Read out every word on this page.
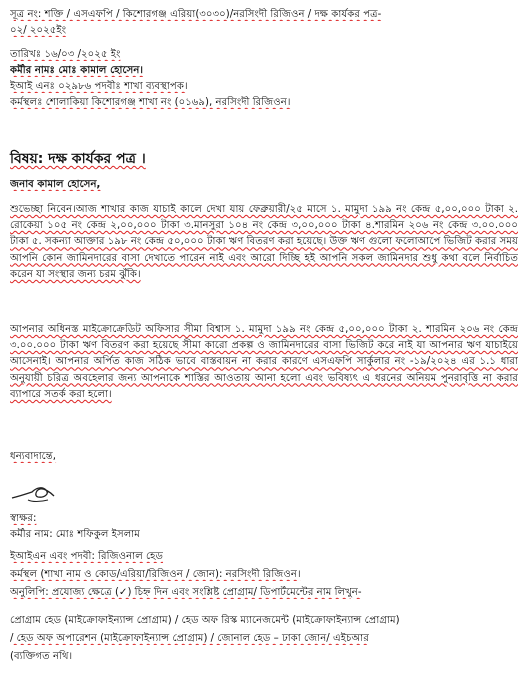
সূত্র নং: শক্তি / এসএফপি / কিশোরগঞ্জ এরিয়া(৩০৩০)/নরসিংদী রিজিওন / দক্ষ কার্যকর পত্র-
০২/ ২০২৫ইং
তারিখঃ ১৬/০৩ /২০২৫ ইং
কর্মীর নামঃ মোঃ কামাল হোসেন।
ইআই এনঃ ০২৯৮৬ পদবীঃ শাখা ব্যবস্থাপক।
কর্মস্থলঃ শোলাকিয়া কিশোরগঞ্জ শাখা নং (০১৬৯), নরসিংদী রিজিওন।
বিষয়: দক্ষ কার্যকর পত্র ।
জনাব কামাল হোসেন,
শুভেচ্ছা নিবেন।আজ শাখার কাজ যাচাই কালে দেখা যায় ফেব্রুয়ারী/২৫ মাসে ১. মামুদা ১৯৯ নং কেন্দ্র ৫,০০,০০০ টাকা ২. রোকেয়া ১০৫ নং কেন্দ্র ২,০০,০০০ টাকা ৩.মানসুরা ১০৪ নং কেন্দ্র ৩,০০,০০০ টাকা ৪.শারমিন ২০৬ নং কেন্দ্র ৩.০০.০০০ টাকা ৫. সকন্যা আক্তার ১৯৮ নং কেন্দ্র ৫০,০০০ টাকা ঋণ বিতরণ করা হয়েছে। উক্ত ঋণ গুলো ফলোআপে ভিজিট করার সময় আপনি কোন জামিনদারের বাসা দেখাতে পারেন নাই এবং আরো দিচ্ছি হই আপনি সকল জামিনদার শুধু কথা বলে নির্বাচিত করেন যা সংস্থার জন্য চরম ঝুঁকি।
আপনার অধিনস্ত মাইক্রোক্রেডিট অফিসার সীমা বিশ্বাস ১. মামুদা ১৯৯ নং কেন্দ্র ৫,০০,০০০ টাকা ২. শারমিন ২০৬ নং কেন্দ্র ৩.০০.০০০ টাকা ঋণ বিতরণ করা হয়েছে সীমা কারো প্রকল্প ও জামিনদারের বাসা ভিজিট করে নাই যা আপনার ঋণ যাচাইয়ে আসেনাই। আপনার অর্পিত কাজ সঠিক ভাবে বাস্তবায়ন না করার কারণে এসএফপি সার্কুলার নং -১৯/২০২৪ এর ১.১ ধারা অনুযায়ী চরিত্র অবহেলার জন্য আপনাকে শাস্তির আওতায় আনা হলো এবং ভবিষ্যৎ এ ধরনের অনিয়ম পুনরাবৃত্তি না করার ব্যাপারে সতর্ক করা হলো।
ধন্যবাদান্তে,
স্বাক্ষর:
কর্মীর নাম: মোঃ শফিকুল ইসলাম
ইআইএন এবং পদবী: রিজিওনাল হেড
কর্মস্থল (শাখা নাম ও কোড/এরিয়া/রিজিওন / জোন): নরসিংদী রিজিওন।
অনুলিপি: প্রযোজ্য ক্ষেত্রে (✓) চিহ্ন দিন এবং সংশ্লিষ্ট প্রোগ্রাম/ ডিপার্টমেন্টের নাম লিখুন-
প্রোগ্রাম হেড (মাইক্রোফাইন্যান্স প্রোগ্রাম) / হেড অফ রিস্ক ম্যানেজমেন্ট (মাইক্রোফাইন্যান্স প্রোগ্রাম)
/ হেড অফ অপারেশন (মাইক্রোফাইন্যান্স প্রোগ্রাম) / জোনাল হেড – ঢাকা জোন/ এইচআর
(ব্যক্তিগত নথি।
